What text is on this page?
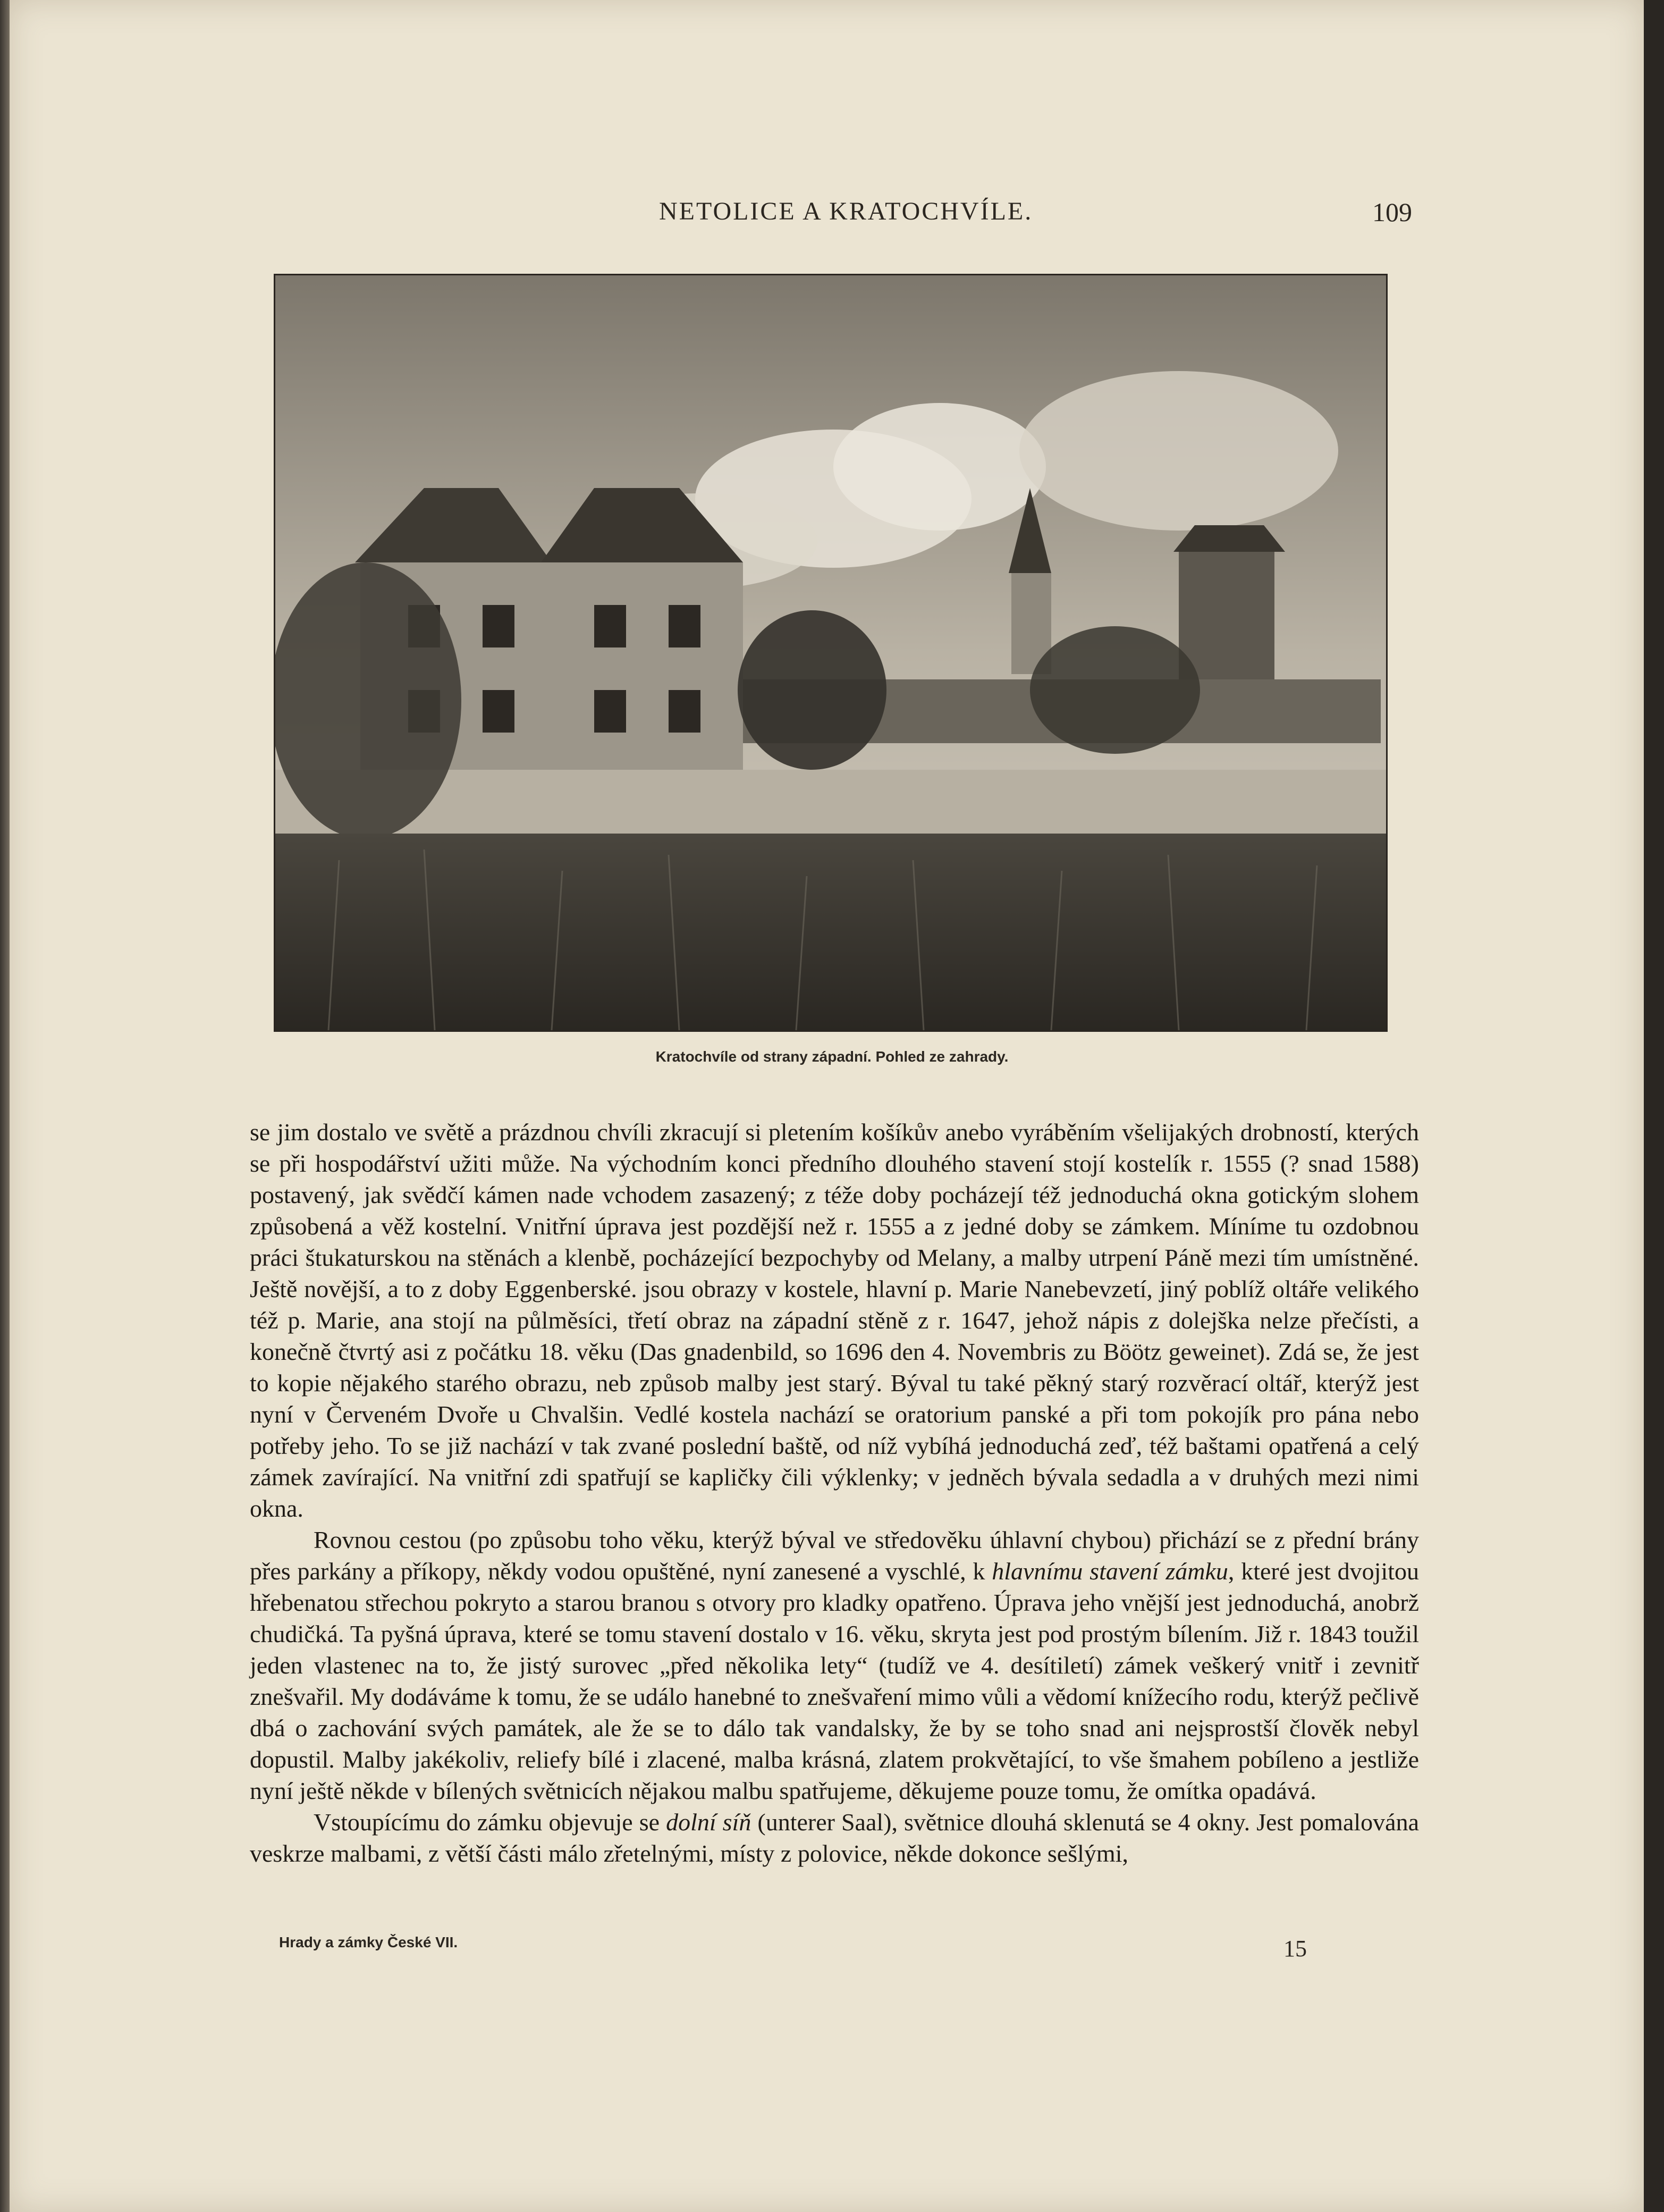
NETOLICE A KRATOCHVÍLE.	109
Kratochvíle od strany západní. Pohled ze zahrady.

se jim dostalo ve světě a prázdnou chvíli zkracují si pletením košíkův anebo vyráběním všelijakých drobností, kterých se při hospodářství užiti může. Na východním konci předního dlouhého stavení stojí kostelík r. 1555 (? snad 1588) postavený, jak svědčí kámen nade vchodem zasazený; z téže doby pocházejí též jednoduchá okna gotickým slohem způsobená a věž kostelní. Vnitřní úprava jest pozdější než r. 1555 a z jedné doby se zámkem. Míníme tu ozdobnou práci štukaturskou na stěnách a klenbě, pocházející bezpochyby od Melany, a malby utrpení Páně mezi tím umístněné. Ještě novější, a to z doby Eggenberské. jsou obrazy v kostele, hlavní p. Marie Nanebevzetí, jiný poblíž oltáře velikého též p. Marie, ana stojí na půlměsíci, třetí obraz na západní stěně z r. 1647, jehož nápis z dolejška nelze přečísti, a konečně čtvrtý asi z počátku 18. věku (Das gnadenbild, so 1696 den 4. Novembris zu Böötz geweinet). Zdá se, že jest to kopie nějakého starého obrazu, neb způsob malby jest starý. Býval tu také pěkný starý rozvěrací oltář, kterýž jest nyní v Červeném Dvoře u Chvalšin. Vedlé kostela nachází se oratorium panské a při tom pokojík pro pána nebo potřeby jeho. To se již nachází v tak zvané poslední baště, od níž vybíhá jednoduchá zeď, též baštami opatřená a celý zámek zavírající. Na vnitřní zdi spatřují se kapličky čili výklenky; v jedněch bývala sedadla a v druhých mezi nimi okna.

Rovnou cestou (po způsobu toho věku, kterýž býval ve středověku úhlavní chybou) přichází se z přední brány přes parkány a příkopy, někdy vodou opuštěné, nyní zanesené a vyschlé, k hlavnímu stavení zámku, které jest dvojitou hřebenatou střechou pokryto a starou branou s otvory pro kladky opatřeno. Úprava jeho vnější jest jednoduchá, anobrž chudičká. Ta pyšná úprava, které se tomu stavení dostalo v 16. věku, skryta jest pod prostým bílením. Již r. 1843 toužil jeden vlastenec na to, že jistý surovec „před několika lety“ (tudíž ve 4. desítiletí) zámek veškerý vnitř i zevnitř znešvařil. My dodáváme k tomu, že se událo hanebné to znešvaření mimo vůli a vědomí knížecího rodu, kterýž pečlivě dbá o zachování svých památek, ale že se to dálo tak vandalsky, že by se toho snad ani nejsprostší člověk nebyl dopustil. Malby jakékoliv, reliefy bílé i zlacené, malba krásná, zlatem prokvětající, to vše šmahem pobíleno a jestliže nyní ještě někde v bílených světnicích nějakou malbu spatřujeme, děkujeme pouze tomu, že omítka opadává.

Vstoupícímu do zámku objevuje se dolní síň (unterer Saal), světnice dlouhá sklenutá se 4 okny. Jest pomalována veskrze malbami, z větší části málo zřetelnými, místy z polovice, někde dokonce sešlými,

Hrady a zámky České VII.	15
